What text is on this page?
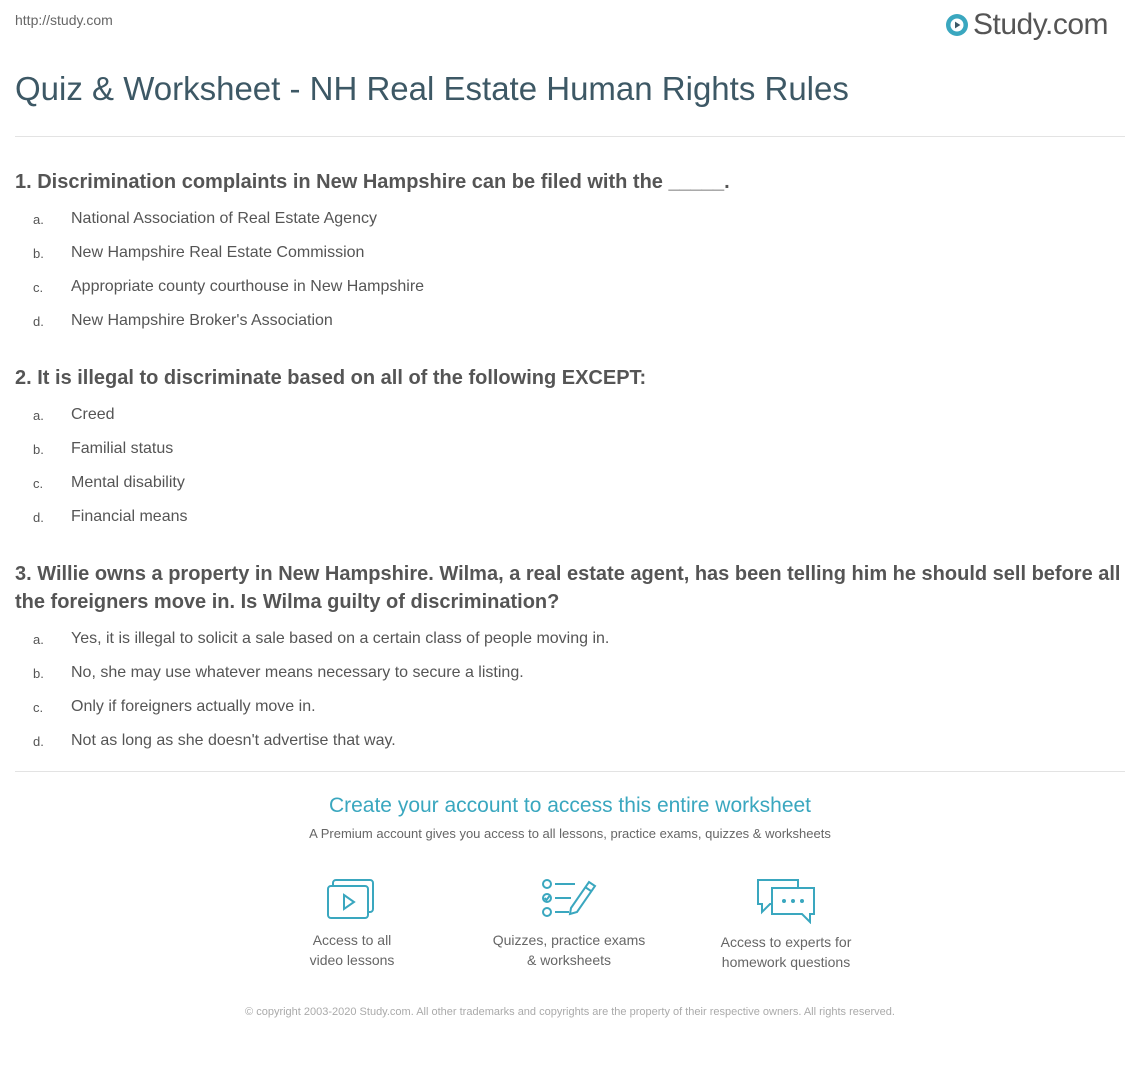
http://study.com	Study.com
Quiz & Worksheet - NH Real Estate Human Rights Rules

1. Discrimination complaints in New Hampshire can be filed with the _____.

a.	National Association of Real Estate Agency
b.	New Hampshire Real Estate Commission
c.	Appropriate county courthouse in New Hampshire
d.	New Hampshire Broker's Association

2. It is illegal to discriminate based on all of the following EXCEPT:

a.	Creed
b.	Familial status
c.	Mental disability
d.	Financial means

3. Willie owns a property in New Hampshire. Wilma, a real estate agent, has been telling him he should sell before all the foreigners move in. Is Wilma guilty of discrimination?

a.	Yes, it is illegal to solicit a sale based on a certain class of people moving in.
b.	No, she may use whatever means necessary to secure a listing.
c.	Only if foreigners actually move in.
d.	Not as long as she doesn't advertise that way.

Create your account to access this entire worksheet

A Premium account gives you access to all lessons, practice exams, quizzes & worksheets
Access to all
video lessons
Quizzes, practice exams
& worksheets
Access to experts for
homework questions
© copyright 2003-2020 Study.com. All other trademarks and copyrights are the property of their respective owners. All rights reserved.
